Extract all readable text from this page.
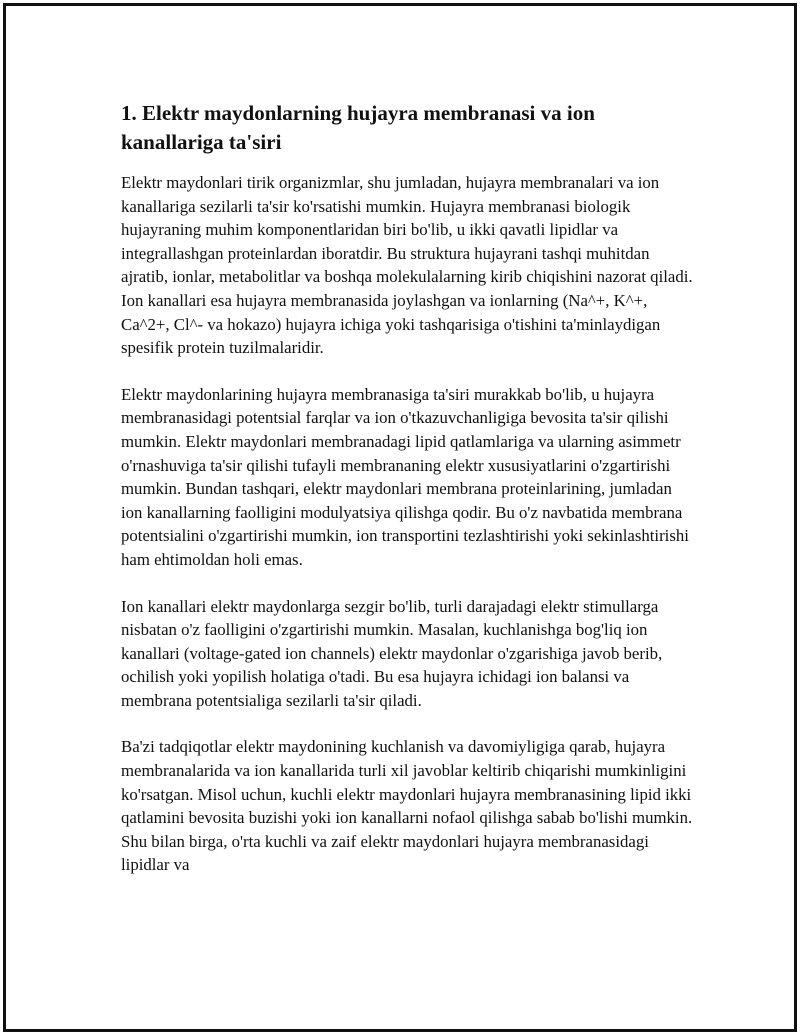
1. Elektr maydonlarning hujayra membranasi va ion kanallariga ta'siri

Elektr maydonlari tirik organizmlar, shu jumladan, hujayra membranalari va ion kanallariga sezilarli ta'sir ko'rsatishi mumkin. Hujayra membranasi biologik hujayraning muhim komponentlaridan biri bo'lib, u ikki qavatli lipidlar va integrallashgan proteinlardan iboratdir. Bu struktura hujayrani tashqi muhitdan ajratib, ionlar, metabolitlar va boshqa molekulalarning kirib chiqishini nazorat qiladi. Ion kanallari esa hujayra membranasida joylashgan va ionlarning (Na^+, K^+, Ca^2+, Cl^- va hokazo) hujayra ichiga yoki tashqarisiga o'tishini ta'minlaydigan spesifik protein tuzilmalaridir.

Elektr maydonlarining hujayra membranasiga ta'siri murakkab bo'lib, u hujayra membranasidagi potentsial farqlar va ion o'tkazuvchanligiga bevosita ta'sir qilishi mumkin. Elektr maydonlari membranadagi lipid qatlamlariga va ularning asimmetr o'rnashuviga ta'sir qilishi tufayli membrananing elektr xususiyatlarini o'zgartirishi mumkin. Bundan tashqari, elektr maydonlari membrana proteinlarining, jumladan ion kanallarning faolligini modulyatsiya qilishga qodir. Bu o'z navbatida membrana potentsialini o'zgartirishi mumkin, ion transportini tezlashtirishi yoki sekinlashtirishi ham ehtimoldan holi emas.

Ion kanallari elektr maydonlarga sezgir bo'lib, turli darajadagi elektr stimullarga nisbatan o'z faolligini o'zgartirishi mumkin. Masalan, kuchlanishga bog'liq ion kanallari (voltage-gated ion channels) elektr maydonlar o'zgarishiga javob berib, ochilish yoki yopilish holatiga o'tadi. Bu esa hujayra ichidagi ion balansi va membrana potentsialiga sezilarli ta'sir qiladi.

Ba'zi tadqiqotlar elektr maydonining kuchlanish va davomiyligiga qarab, hujayra membranalarida va ion kanallarida turli xil javoblar keltirib chiqarishi mumkinligini ko'rsatgan. Misol uchun, kuchli elektr maydonlari hujayra membranasining lipid ikki qatlamini bevosita buzishi yoki ion kanallarni nofaol qilishga sabab bo'lishi mumkin. Shu bilan birga, o'rta kuchli va zaif elektr maydonlari hujayra membranasidagi lipidlar va
